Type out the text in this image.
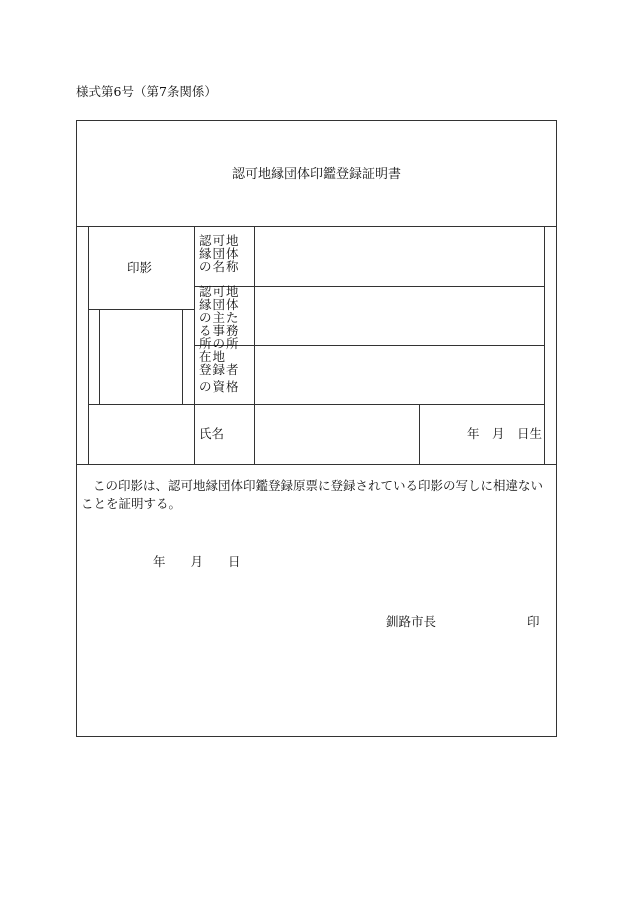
様式第6号（第7条関係）
認可地縁団体印鑑登録証明書
印影
認可地縁団体の名称
認可地縁団体の主たる事務所の所在地
登録者の資格
氏名	年　月　日生
この印影は、認可地縁団体印鑑登録原票に登録されている印影の写しに相違ないことを証明する。
年　　月　　日
釧路市長	印
